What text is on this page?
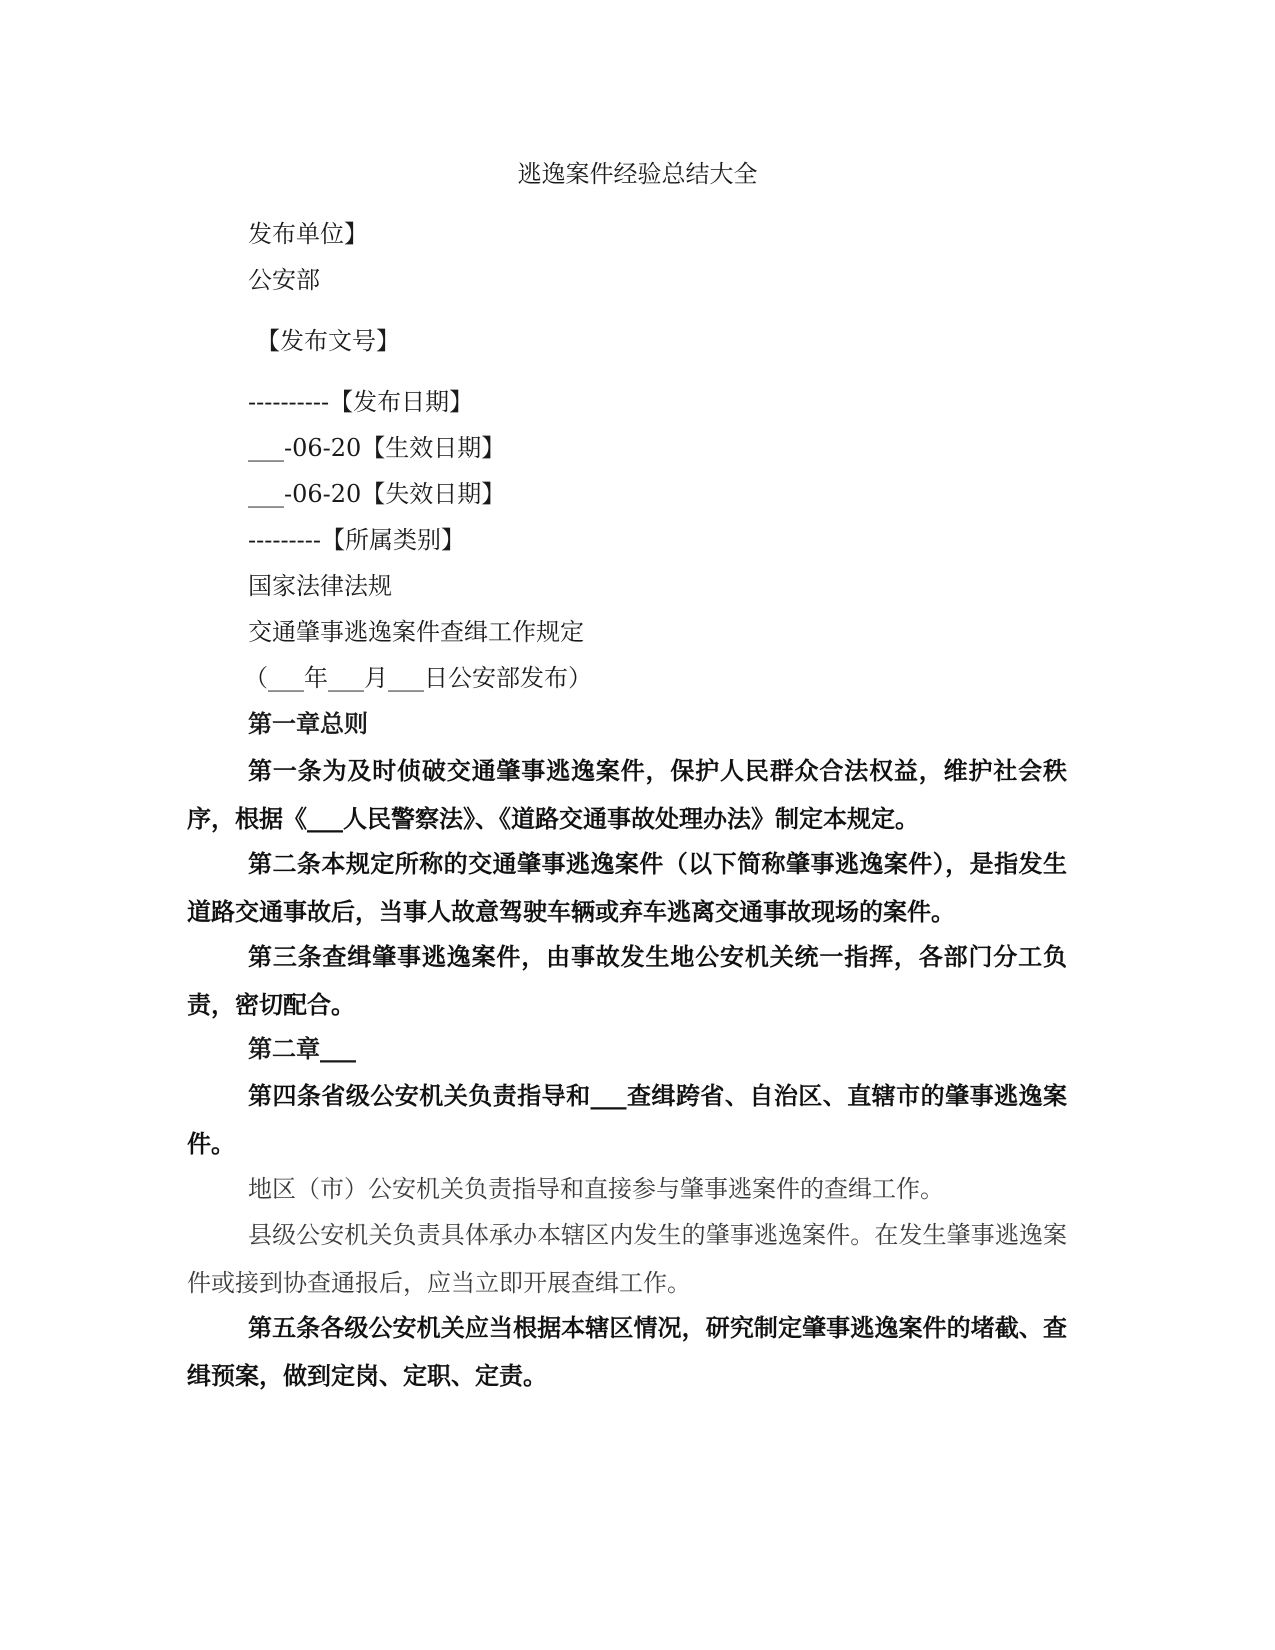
逃逸案件经验总结大全
发布单位】
公安部
【发布文号】
----------【发布日期】
___-06-20【生效日期】
___-06-20【失效日期】
---------【所属类别】
国家法律法规
交通肇事逃逸案件查缉工作规定
（___年___月___日公安部发布）
第一章总则
第一条为及时侦破交通肇事逃逸案件，保护人民群众合法权益，维护社会秩序，根据《___人民警察法》、《道路交通事故处理办法》制定本规定。
第二条本规定所称的交通肇事逃逸案件（以下简称肇事逃逸案件），是指发生道路交通事故后，当事人故意驾驶车辆或弃车逃离交通事故现场的案件。
第三条查缉肇事逃逸案件，由事故发生地公安机关统一指挥，各部门分工负责，密切配合。
第二章___
第四条省级公安机关负责指导和___查缉跨省、自治区、直辖市的肇事逃逸案件。
地区（市）公安机关负责指导和直接参与肇事逃案件的查缉工作。
县级公安机关负责具体承办本辖区内发生的肇事逃逸案件。在发生肇事逃逸案件或接到协查通报后，应当立即开展查缉工作。
第五条各级公安机关应当根据本辖区情况，研究制定肇事逃逸案件的堵截、查缉预案，做到定岗、定职、定责。
